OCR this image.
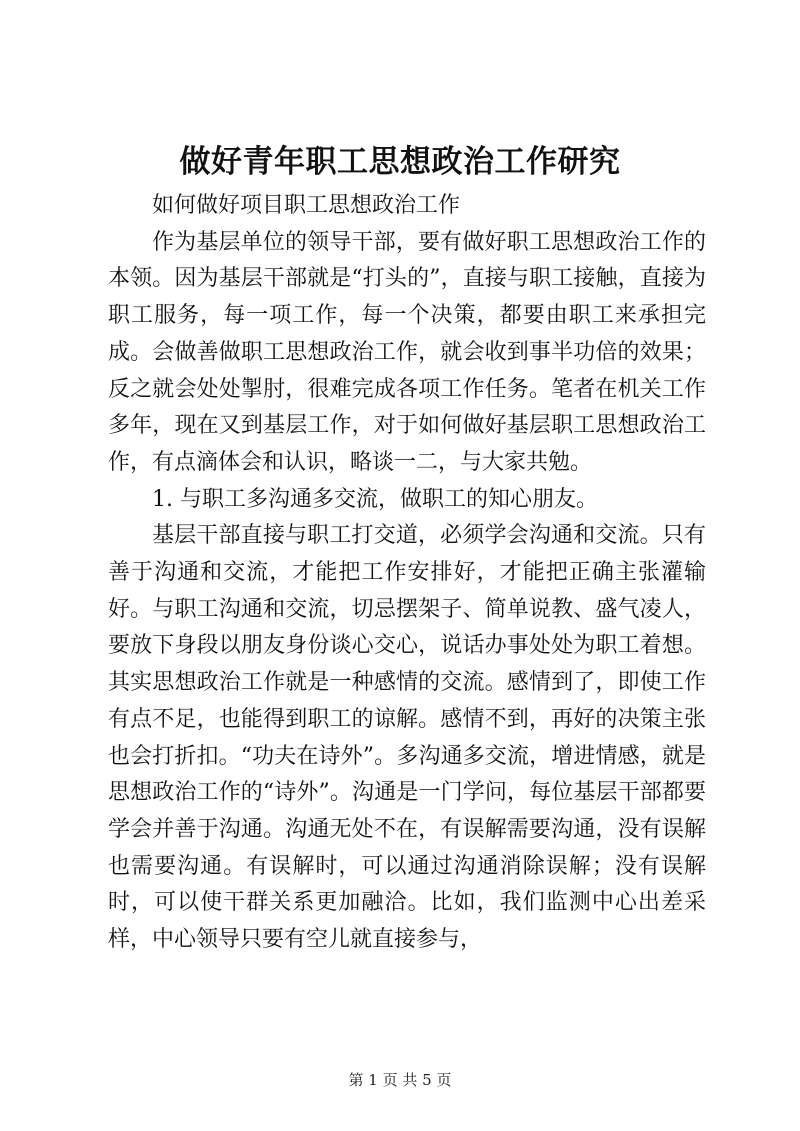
做好青年职工思想政治工作研究

如何做好项目职工思想政治工作

作为基层单位的领导干部，要有做好职工思想政治工作的本领。因为基层干部就是“打头的”，直接与职工接触，直接为职工服务，每一项工作，每一个决策，都要由职工来承担完成。会做善做职工思想政治工作，就会收到事半功倍的效果；反之就会处处掣肘，很难完成各项工作任务。笔者在机关工作多年，现在又到基层工作，对于如何做好基层职工思想政治工作，有点滴体会和认识，略谈一二，与大家共勉。

1. 与职工多沟通多交流，做职工的知心朋友。

基层干部直接与职工打交道，必须学会沟通和交流。只有善于沟通和交流，才能把工作安排好，才能把正确主张灌输好。与职工沟通和交流，切忌摆架子、简单说教、盛气凌人，要放下身段以朋友身份谈心交心，说话办事处处为职工着想。其实思想政治工作就是一种感情的交流。感情到了，即使工作有点不足，也能得到职工的谅解。感情不到，再好的决策主张也会打折扣。“功夫在诗外”。多沟通多交流，增进情感，就是思想政治工作的“诗外”。沟通是一门学问，每位基层干部都要学会并善于沟通。沟通无处不在，有误解需要沟通，没有误解也需要沟通。有误解时，可以通过沟通消除误解；没有误解时，可以使干群关系更加融洽。比如，我们监测中心出差采样，中心领导只要有空儿就直接参与，

第 1 页 共 5 页
